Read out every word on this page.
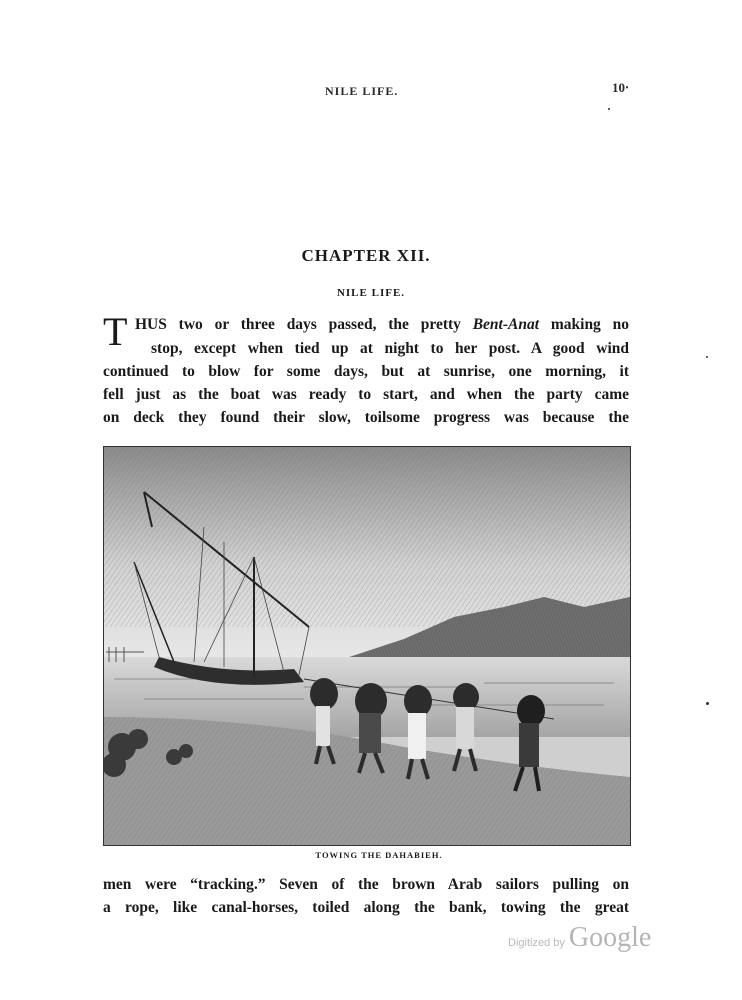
NILE LIFE.	10‧
CHAPTER XII.
NILE LIFE.
T HUS two or three days passed, the pretty Bent-Anat making no
stop, except when tied up at night to her post. A good wind
continued to blow for some days, but at sunrise, one morning, it
fell just as the boat was ready to start, and when the party came
on deck they found their slow, toilsome progress was because the
TOWING THE DAHABIEH.
men were “tracking.” Seven of the brown Arab sailors pulling on
a rope, like canal-horses, toiled along the bank, towing the great
Digitized by Google
